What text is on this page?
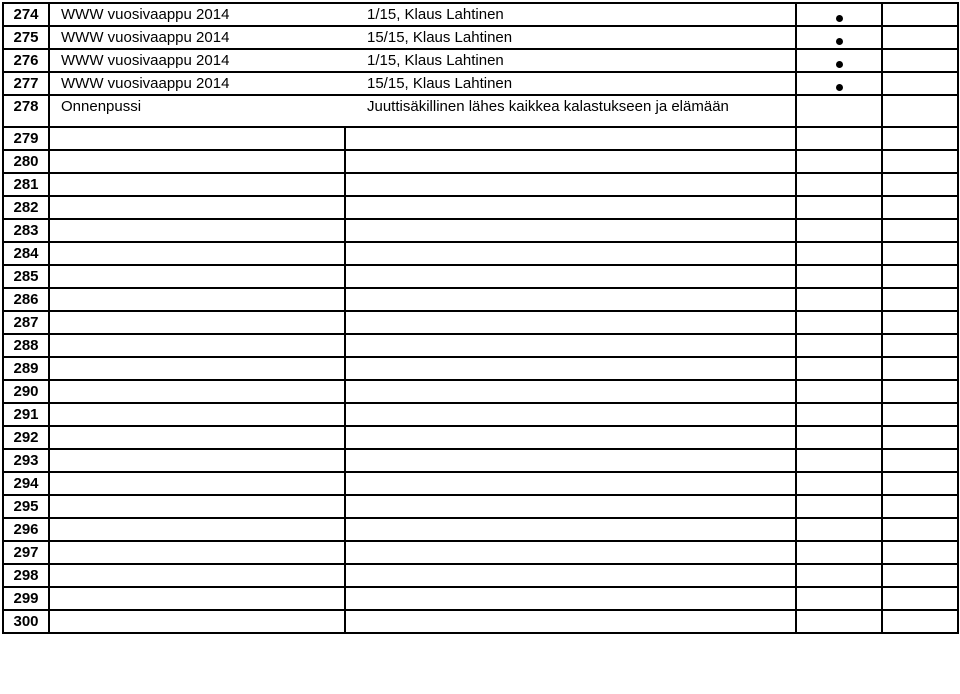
274	WWW vuosivaappu 2014	1/15, Klaus Lahtinen		
275	WWW vuosivaappu 2014	15/15, Klaus Lahtinen		
276	WWW vuosivaappu 2014	1/15, Klaus Lahtinen		
277	WWW vuosivaappu 2014	15/15, Klaus Lahtinen		
278	Onnenpussi	Juuttisäkillinen lähes kaikkea kalastukseen ja elämään		
279				
280				
281				
282				
283				
284				
285				
286				
287				
288				
289				
290				
291				
292				
293				
294				
295				
296				
297				
298				
299				
300				
